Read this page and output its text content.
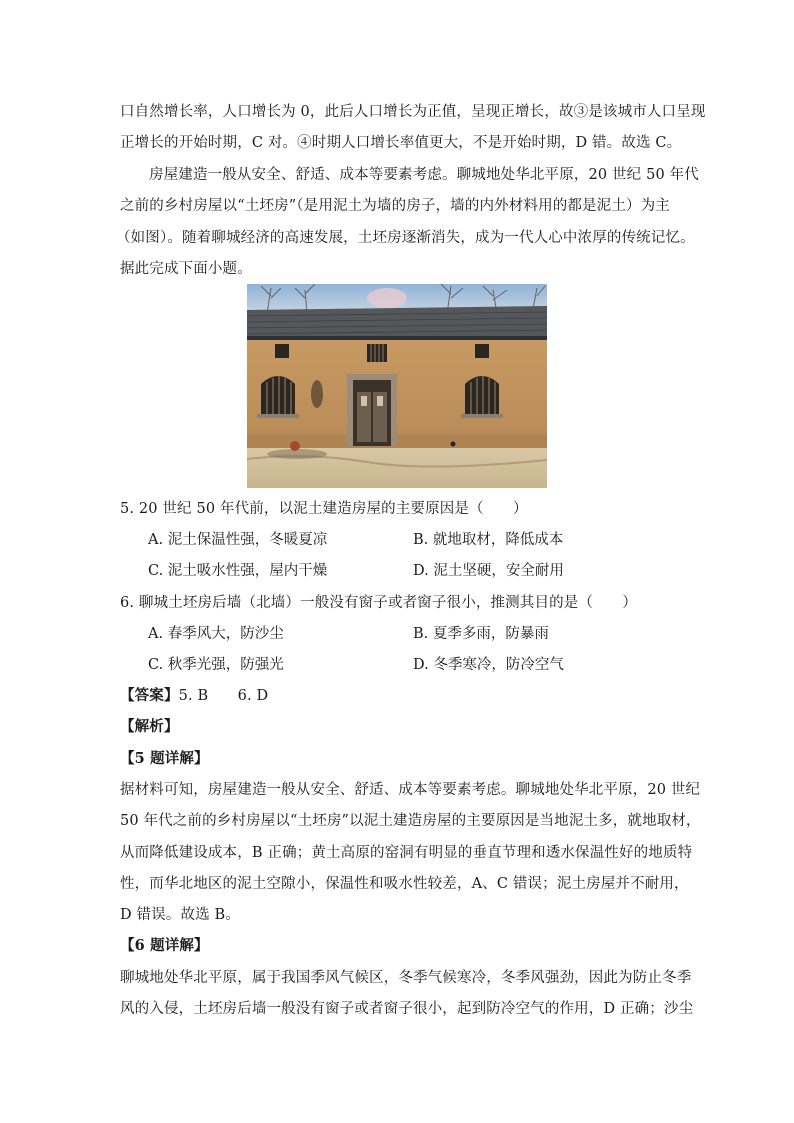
口自然增长率，人口增长为 0，此后人口增长为正值，呈现正增长，故③是该城市人口呈现
正增长的开始时期，C 对。④时期人口增长率值更大，不是开始时期，D 错。故选 C。
房屋建造一般从安全、舒适、成本等要素考虑。聊城地处华北平原，20 世纪 50 年代
之前的乡村房屋以“土坯房”（是用泥土为墙的房子，墙的内外材料用的都是泥土）为主
（如图）。随着聊城经济的高速发展，土坯房逐渐消失，成为一代人心中浓厚的传统记忆。
据此完成下面小题。
5. 20 世纪 50 年代前，以泥土建造房屋的主要原因是（　　）
A. 泥土保温性强，冬暖夏凉	B. 就地取材，降低成本
C. 泥土吸水性强，屋内干燥	D. 泥土坚硬，安全耐用
6. 聊城土坯房后墙（北墙）一般没有窗子或者窗子很小，推测其目的是（　　）
A. 春季风大，防沙尘	B. 夏季多雨，防暴雨
C. 秋季光强，防强光	D. 冬季寒冷，防冷空气
【答案】5. B　　6. D
【解析】
【5 题详解】
据材料可知，房屋建造一般从安全、舒适、成本等要素考虑。聊城地处华北平原，20 世纪
50 年代之前的乡村房屋以“土坯房”以泥土建造房屋的主要原因是当地泥土多，就地取材，
从而降低建设成本，B 正确；黄土高原的窑洞有明显的垂直节理和透水保温性好的地质特
性，而华北地区的泥土空隙小，保温性和吸水性较差，A、C 错误；泥土房屋并不耐用，
D 错误。故选 B。
【6 题详解】
聊城地处华北平原，属于我国季风气候区，冬季气候寒冷，冬季风强劲，因此为防止冬季
风的入侵，土坯房后墙一般没有窗子或者窗子很小，起到防冷空气的作用，D 正确；沙尘
